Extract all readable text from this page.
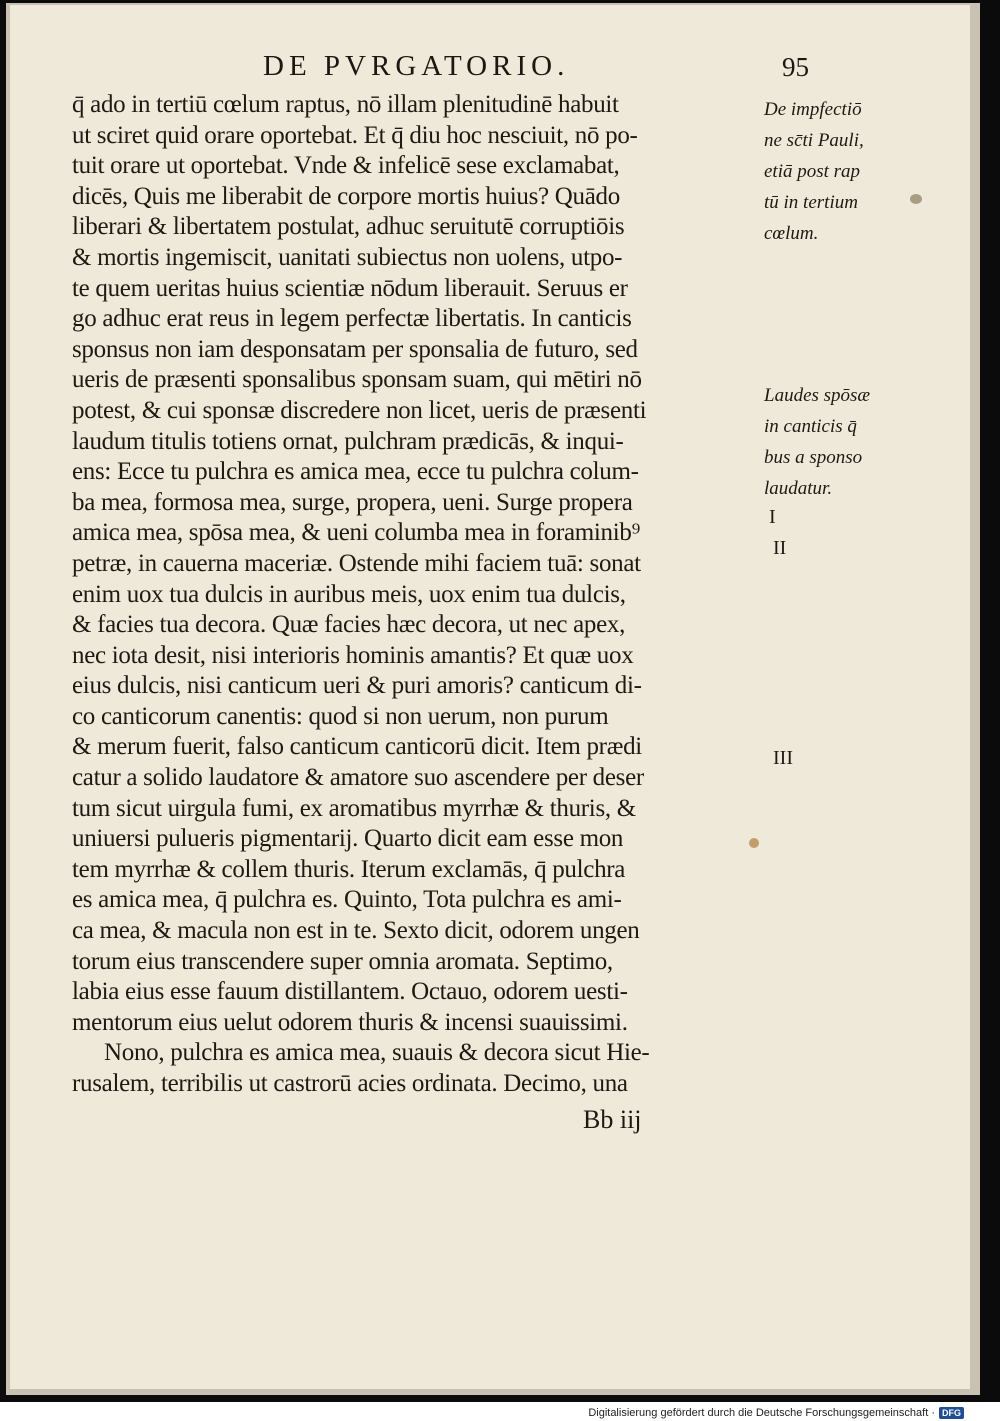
DE PVRGATORIO.	95
q̄ ado in tertiū cœlum raptus, nō illam plenitudinē habuit
ut sciret quid orare oportebat. Et q̄ diu hoc nesciuit, nō po-
tuit orare ut oportebat. Vnde & infelicē sese exclamabat,
dicēs, Quis me liberabit de corpore mortis huius? Quādo
liberari & libertatem postulat, adhuc seruitutē corruptiōis
& mortis ingemiscit, uanitati subiectus non uolens, utpo-
te quem ueritas huius scientiæ nōdum liberauit. Seruus er
go adhuc erat reus in legem perfectæ libertatis. In canticis
sponsus non iam desponsatam per sponsalia de futuro, sed
ueris de præsenti sponsalibus sponsam suam, qui mētiri nō
potest, & cui sponsæ discredere non licet, ueris de præsenti
laudum titulis totiens ornat, pulchram prædicās, & inqui-
ens: Ecce tu pulchra es amica mea, ecce tu pulchra colum-
ba mea, formosa mea, surge, propera, ueni. Surge propera
amica mea, spōsa mea, & ueni columba mea in foraminib⁹
petræ, in cauerna maceriæ. Ostende mihi faciem tuā: sonat
enim uox tua dulcis in auribus meis, uox enim tua dulcis,
& facies tua decora. Quæ facies hæc decora, ut nec apex,
nec iota desit, nisi interioris hominis amantis? Et quæ uox
eius dulcis, nisi canticum ueri & puri amoris? canticum di-
co canticorum canentis: quod si non uerum, non purum
& merum fuerit, falso canticum canticorū dicit. Item prædi
catur a solido laudatore & amatore suo ascendere per deser
tum sicut uirgula fumi, ex aromatibus myrrhæ & thuris, &
uniuersi pulueris pigmentarij. Quarto dicit eam esse mon
tem myrrhæ & collem thuris. Iterum exclamās, q̄ pulchra
es amica mea, q̄ pulchra es. Quinto, Tota pulchra es ami-
ca mea, & macula non est in te. Sexto dicit, odorem ungen
torum eius transcendere super omnia aromata. Septimo,
labia eius esse fauum distillantem. Octauo, odorem uesti-
mentorum eius uelut odorem thuris & incensi suauissimi.
Nono, pulchra es amica mea, suauis & decora sicut Hie-
rusalem, terribilis ut castrorū acies ordinata. Decimo, una
De impfectiō
ne sc̄ti Pauli,
etiā post rap
tū in tertium
cœlum.
Laudes spōsæ
in canticis q̄
bus a sponso
laudatur.
I
II
III
Bb iij
Digitalisierung gefördert durch die Deutsche Forschungsgemeinschaft · DFG
